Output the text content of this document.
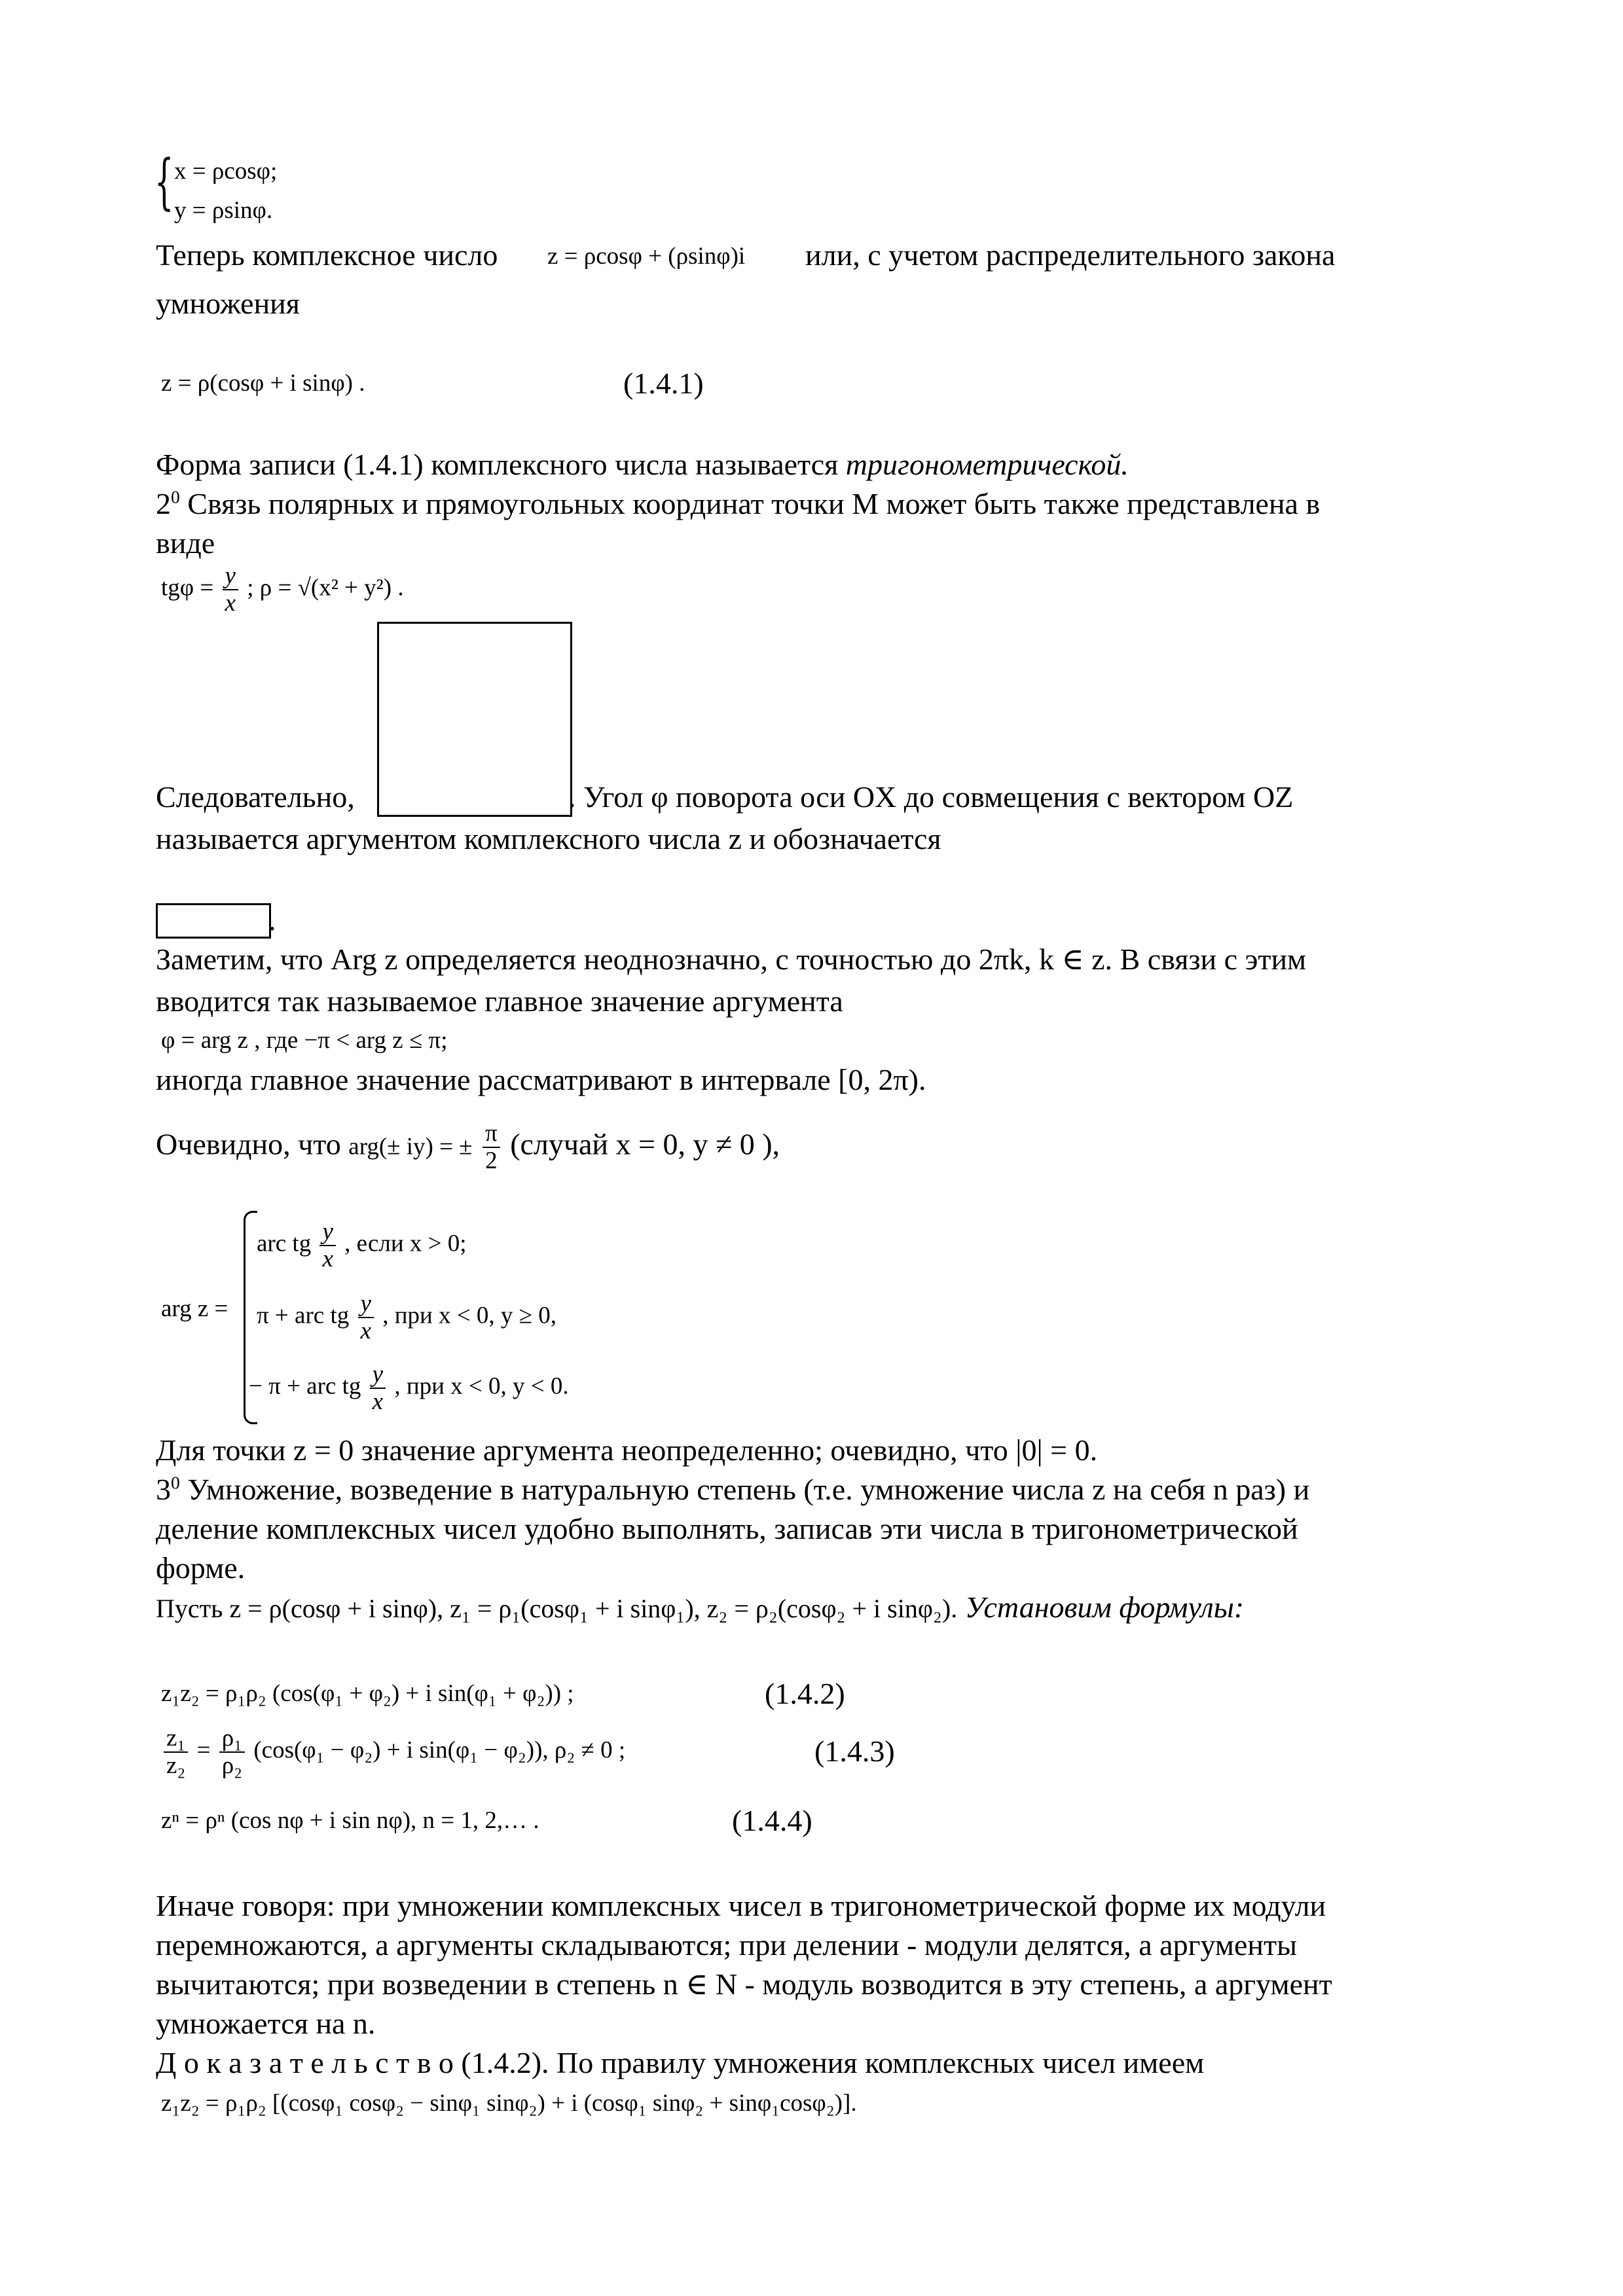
{ x = ρcosφ;
y = ρsinφ.
Теперь комплексное число z = ρcosφ + (ρsinφ)i или, с учетом распределительного закона
умножения
z = ρ(cosφ + i sinφ) .	(1.4.1)
Форма записи (1.4.1) комплексного числа называется тригонометрической.
$2^0$ Связь полярных и прямоугольных координат точки M может быть также представлена в
виде
$tg\varphi = \frac{y}{x}$ ; ρ = √(x² + y²) .
Следовательно,	. Угол φ поворота оси OX до совмещения с вектором OZ
называется аргументом комплексного числа z и обозначается
.
Заметим, что Arg z определяется неоднозначно, с точностью до 2πk, k ∈ z. В связи с этим
вводится так называемое главное значение аргумента
φ = arg z , где −π < arg z ≤ π;
иногда главное значение рассматривают в интервале [0, 2π).
Очевидно, что arg(± iy) = ± $\frac{\pi}{2}$ (случай x = 0, y ≠ 0 ),
arg z =
arc tg $\frac{y}{x}$ , если x > 0;
π + arc tg $\frac{y}{x}$ , при x < 0, y ≥ 0,
− π + arc tg $\frac{y}{x}$ , при x < 0, y < 0.
Для точки z = 0 значение аргумента неопределенно; очевидно, что |0| = 0.
$3^0$ Умножение, возведение в натуральную степень (т.е. умножение числа z на себя n раз) и
деление комплексных чисел удобно выполнять, записав эти числа в тригонометрической
форме.
Пусть z = ρ(cosφ + i sinφ), z₁ = ρ₁(cosφ₁ + i sinφ₁), z₂ = ρ₂(cosφ₂ + i sinφ₂). Установим формулы:
z₁z₂ = ρ₁ρ₂ (cos(φ₁ + φ₂) + i sin(φ₁ + φ₂)) ;	(1.4.2)
$\frac{\text{z₁}}{\text{z₂}} = \frac{\text{ρ₁}}{\text{ρ₂}} (\cos(\varphi_1 - \varphi_2) + i$ sin(φ₁ − φ₂)), ρ₂ ≠ 0 ;	(1.4.3)
zⁿ = ρⁿ (cos nφ + i sin nφ), n = 1, 2,… .	(1.4.4)
Иначе говоря: при умножении комплексных чисел в тригонометрической форме их модули
перемножаются, а аргументы складываются; при делении - модули делятся, а аргументы
вычитаются; при возведении в степень n ∈ N - модуль возводится в эту степень, а аргумент
умножается на n.
Д о к а з а т е л ь с т в о (1.4.2). По правилу умножения комплексных чисел имеем
z₁z₂ = ρ₁ρ₂ [(cosφ₁ cosφ₂ − sinφ₁ sinφ₂) + i (cosφ₁ sinφ₂ + sinφ₁cosφ₂)].
